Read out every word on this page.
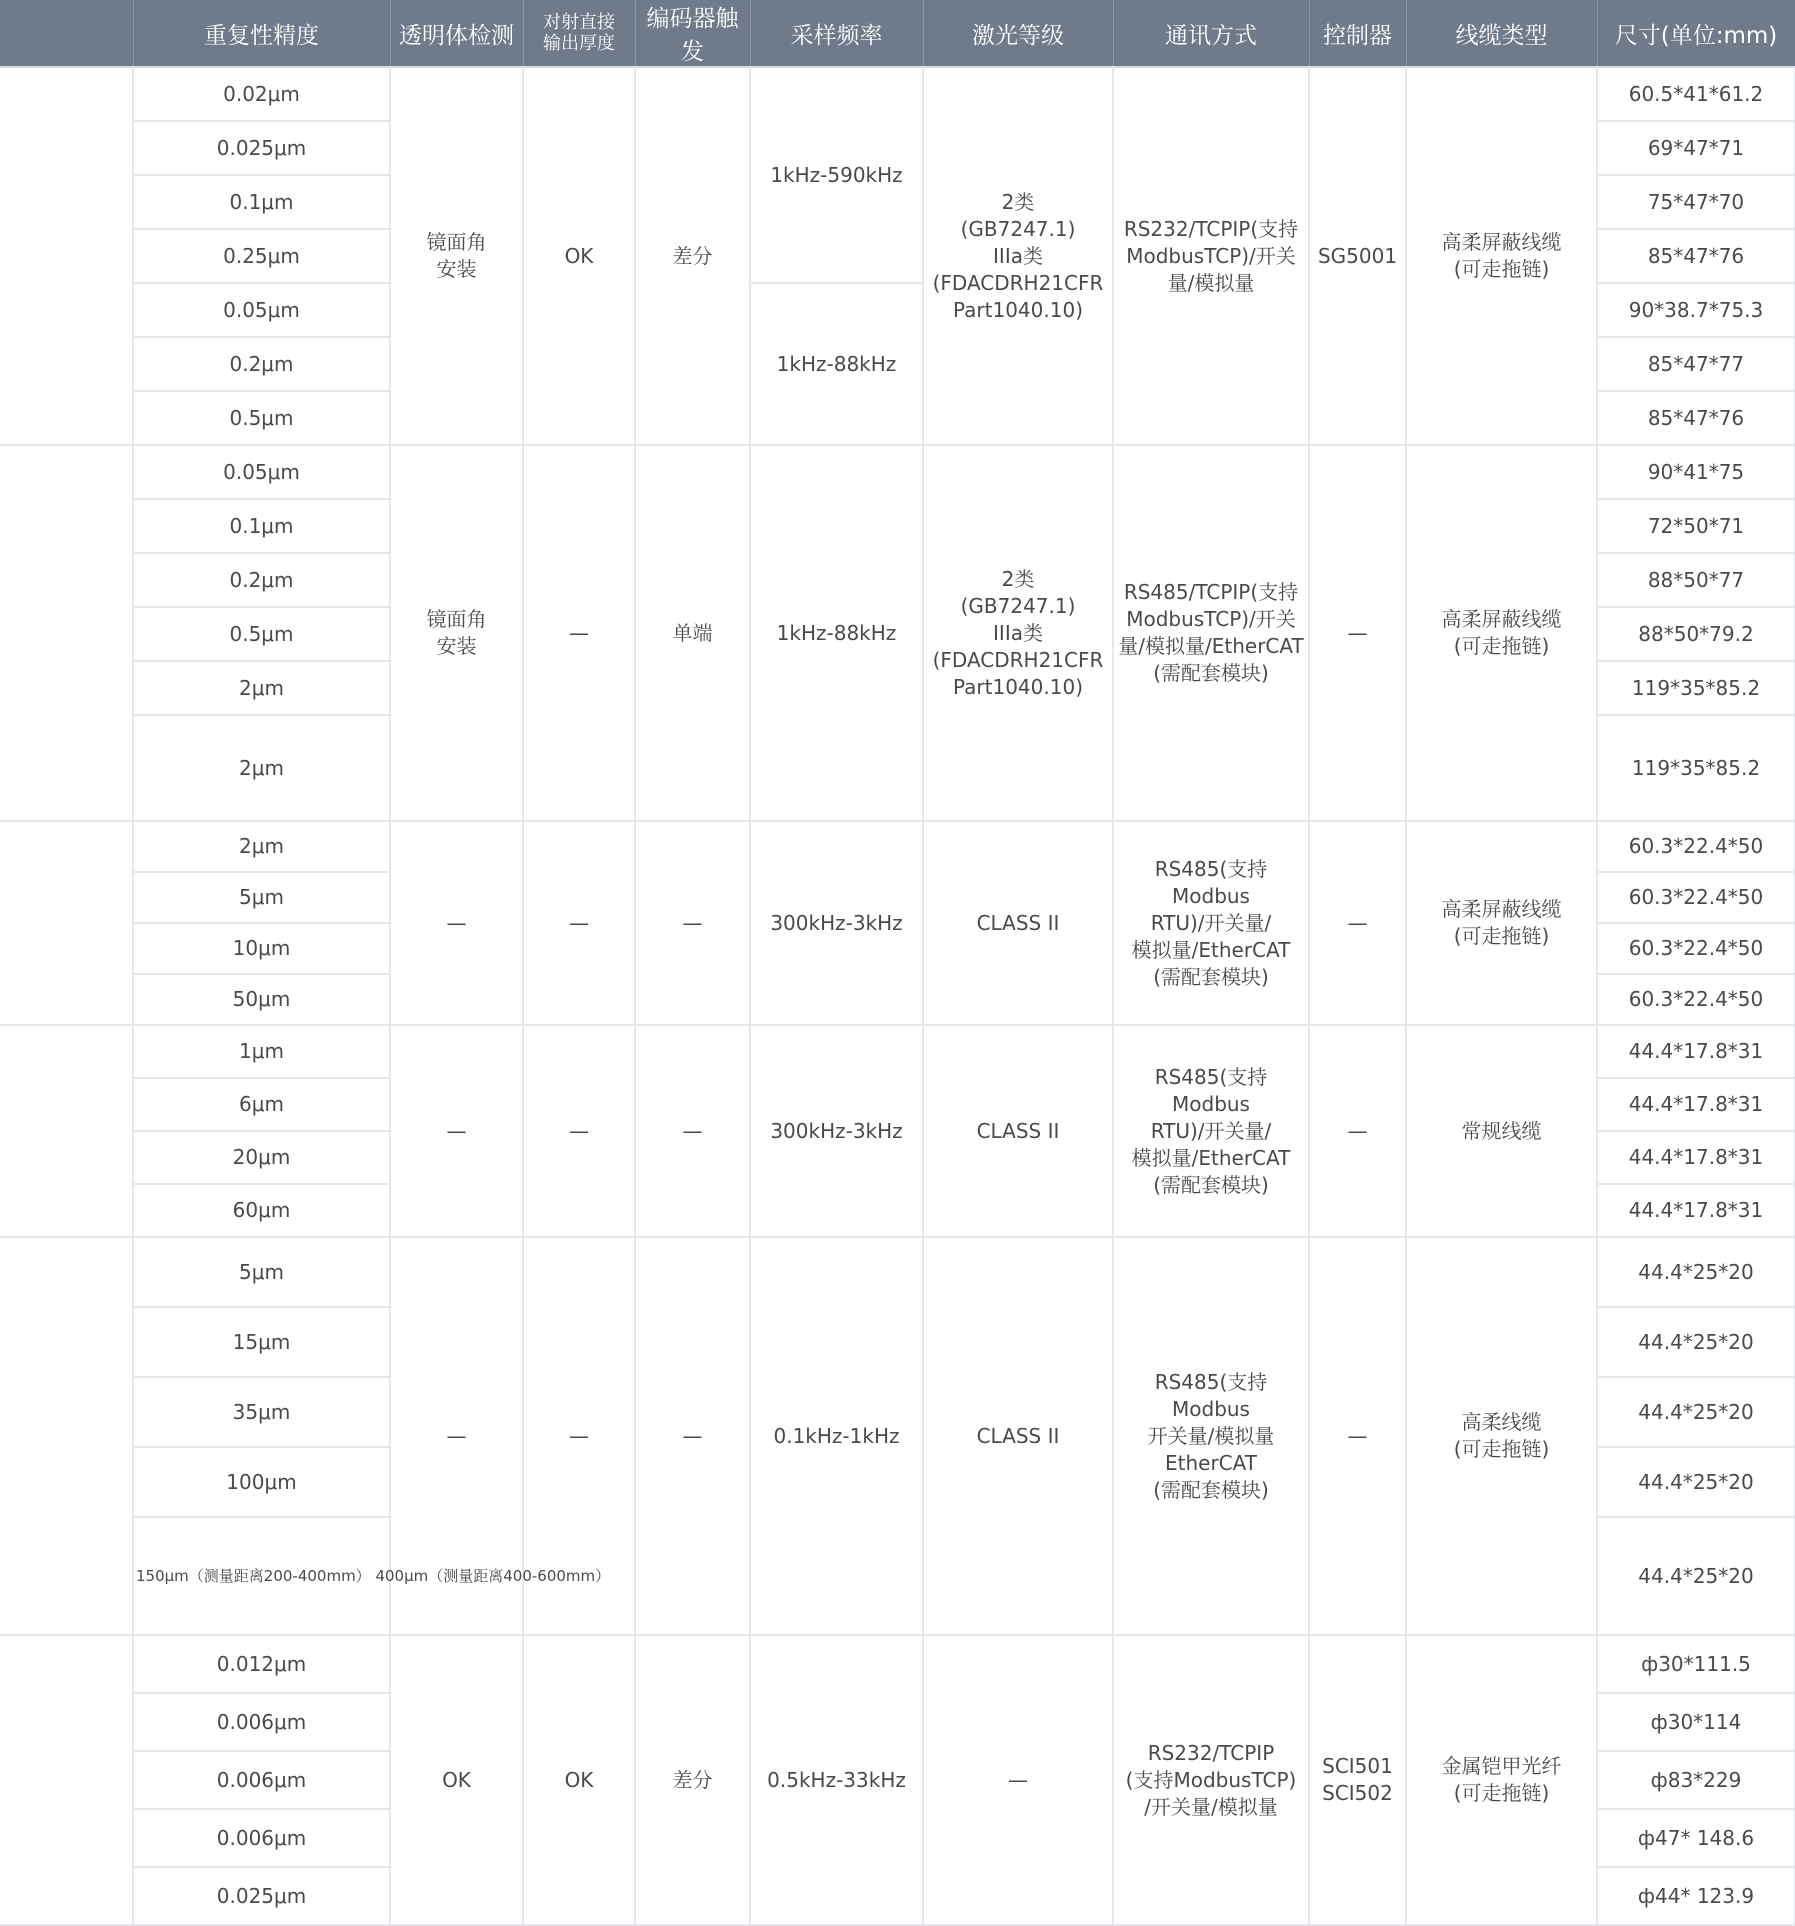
	重复性精度	透明体检测	对射直接
输出厚度	编码器触发	采样频率	激光等级	通讯方式	控制器	线缆类型	尺寸(单位:mm)
	0.02μm	镜面角
安装	OK	差分	1kHz-590kHz	2类
(GB7247.1)
IIIa类
(FDACDRH21CFR
Part1040.10)	RS232/TCPIP(支持
ModbusTCP)/开关
量/模拟量	SG5001	高柔屏蔽线缆
(可走拖链)	60.5*41*61.2
	0.025μm									69*47*71
	0.1μm									75*47*70
	0.25μm									85*47*76
	0.05μm				1kHz-88kHz					90*38.7*75.3
	0.2μm									85*47*77
	0.5μm									85*47*76
	0.05μm	镜面角
安装	—	单端	1kHz-88kHz	2类
(GB7247.1)
IIIa类
(FDACDRH21CFR
Part1040.10)	RS485/TCPIP(支持
ModbusTCP)/开关
量/模拟量/EtherCAT
(需配套模块)	—	高柔屏蔽线缆
(可走拖链)	90*41*75
	0.1μm									72*50*71
	0.2μm									88*50*77
	0.5μm									88*50*79.2
	2μm									119*35*85.2
	2μm									119*35*85.2
	2μm	—	—	—	300kHz-3kHz	CLASS II	RS485(支持Modbus
RTU)/开关量/
模拟量/EtherCAT
(需配套模块)	—	高柔屏蔽线缆
(可走拖链)	60.3*22.4*50
	5μm									60.3*22.4*50
	10μm									60.3*22.4*50
	50μm									60.3*22.4*50
	1μm	—	—	—	300kHz-3kHz	CLASS II	RS485(支持Modbus
RTU)/开关量/
模拟量/EtherCAT
(需配套模块)	—	常规线缆	44.4*17.8*31
	6μm									44.4*17.8*31
	20μm									44.4*17.8*31
	60μm									44.4*17.8*31
	5μm	—	—	—	0.1kHz-1kHz	CLASS II	RS485(支持Modbus
开关量/模拟量
EtherCAT
(需配套模块)	—	高柔线缆
(可走拖链)	44.4*25*20
	15μm									44.4*25*20
	35μm									44.4*25*20
	100μm									44.4*25*20
	150μm（测量距离200-400mm） 400μm（测量距离400-600mm）									44.4*25*20
	0.012μm	OK	OK	差分	0.5kHz-33kHz	—	RS232/TCPIP
(支持ModbusTCP)
/开关量/模拟量	SCI501
SCI502	金属铠甲光纤
(可走拖链)	ф30*111.5
	0.006μm									ф30*114
	0.006μm									ф83*229
	0.006μm									ф47* 148.6
	0.025μm									ф44* 123.9
